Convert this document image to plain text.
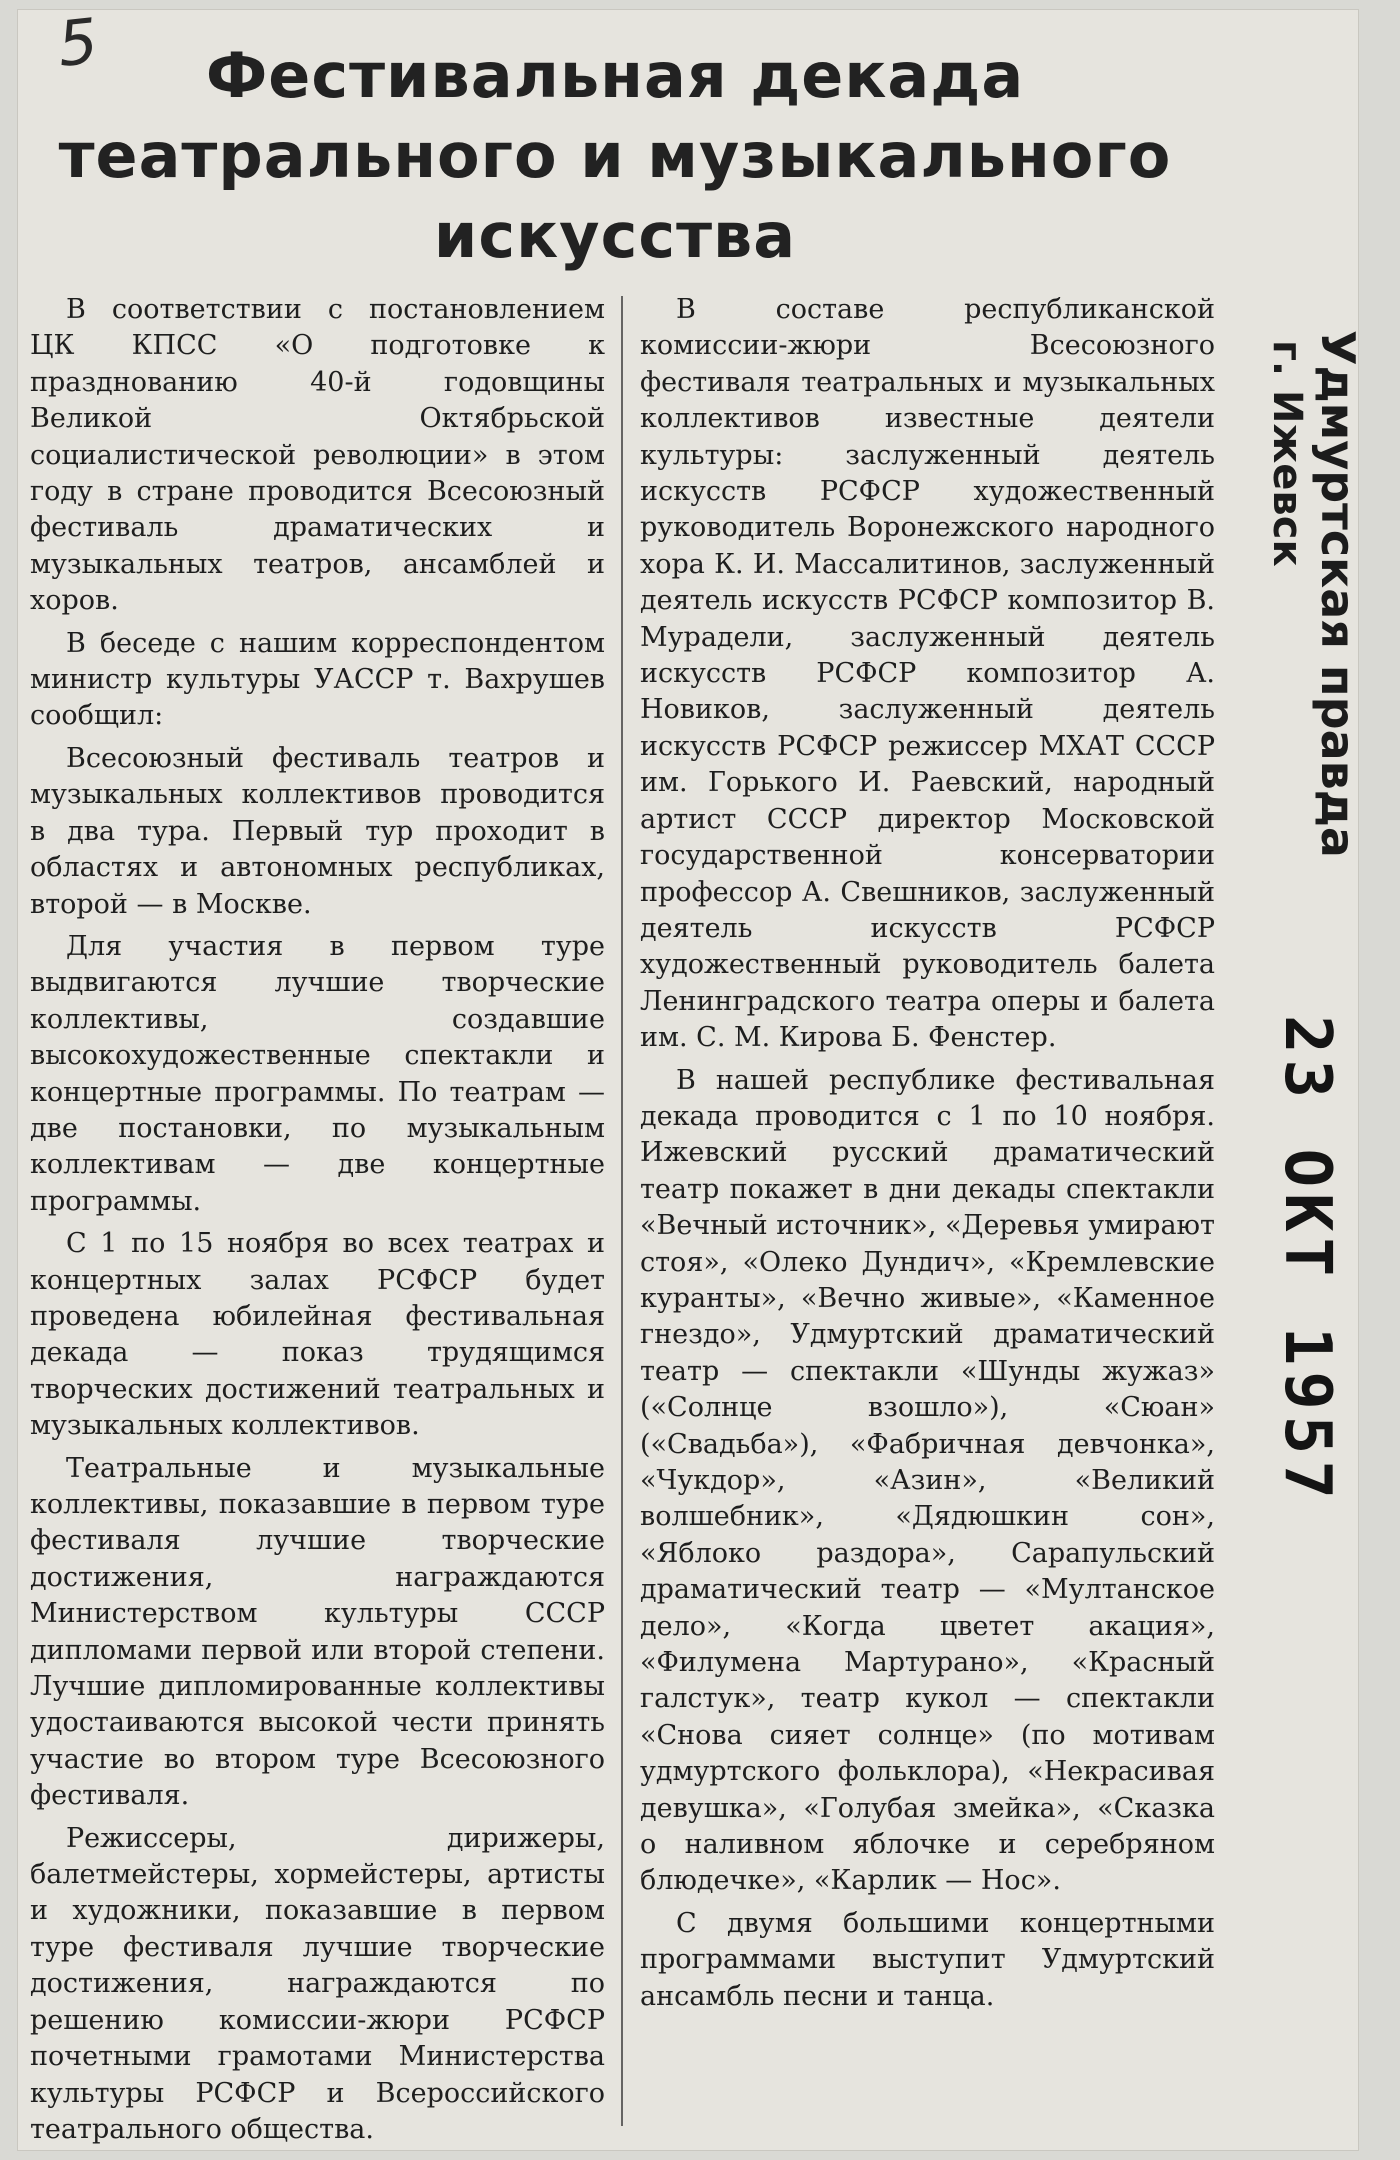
5	Фестивальная декада
театрального и музыкального
искусства

В соответствии с постановлением ЦК КПСС «О подготовке к празднованию 40-й годовщины Великой Октябрьской социалистической революции» в этом году в стране проводится Всесоюзный фестиваль драматических и музыкальных театров, ансамблей и хоров.

В беседе с нашим корреспондентом министр культуры УАССР т. Вахрушев сообщил:

Всесоюзный фестиваль театров и музыкальных коллективов проводится в два тура. Первый тур проходит в областях и автономных республиках, второй — в Москве.

Для участия в первом туре выдвигаются лучшие творческие коллективы, создавшие высокохудожественные спектакли и концертные программы. По театрам — две постановки, по музыкальным коллективам — две концертные программы.

С 1 по 15 ноября во всех театрах и концертных залах РСФСР будет проведена юбилейная фестивальная декада — показ трудящимся творческих достижений театральных и музыкальных коллективов.

Театральные и музыкальные коллективы, показавшие в первом туре фестиваля лучшие творческие достижения, награждаются Министерством культуры СССР дипломами первой или второй степени. Лучшие дипломированные коллективы удостаиваются высокой чести принять участие во втором туре Всесоюзного фестиваля.

Режиссеры, дирижеры, балетмейстеры, хормейстеры, артисты и художники, показавшие в первом туре фестиваля лучшие творческие достижения, награждаются по решению комиссии-жюри РСФСР почетными грамотами Министерства культуры РСФСР и Всероссийского театрального общества.

В составе республиканской комиссии-жюри Всесоюзного фестиваля театральных и музыкальных коллективов известные деятели культуры: заслуженный деятель искусств РСФСР художественный руководитель Воронежского народного хора К. И. Массалитинов, заслуженный деятель искусств РСФСР композитор В. Мурадели, заслуженный деятель искусств РСФСР композитор А. Новиков, заслуженный деятель искусств РСФСР режиссер МХАТ СССР им. Горького И. Раевский, народный артист СССР директор Московской государственной консерватории профессор А. Свешников, заслуженный деятель искусств РСФСР художественный руководитель балета Ленинградского театра оперы и балета им. С. М. Кирова Б. Фенстер.

В нашей республике фестивальная декада проводится с 1 по 10 ноября. Ижевский русский драматический театр покажет в дни декады спектакли «Вечный источник», «Деревья умирают стоя», «Олеко Дундич», «Кремлевские куранты», «Вечно живые», «Каменное гнездо», Удмуртский драматический театр — спектакли «Шунды жужаз» («Солнце взошло»), «Сюан» («Свадьба»), «Фабричная девчонка», «Чукдор», «Азин», «Великий волшебник», «Дядюшкин сон», «Яблоко раздора», Сарапульский драматический театр — «Мултанское дело», «Когда цветет акация», «Филумена Мартурано», «Красный галстук», театр кукол — спектакли «Снова сияет солнце» (по мотивам удмуртского фольклора), «Некрасивая девушка», «Голубая змейка», «Сказка о наливном яблочке и серебряном блюдечке», «Карлик — Нос».

С двумя большими концертными программами выступит Удмуртский ансамбль песни и танца.

Удмуртская правда
г. Ижевск
23 ОКТ 1957
